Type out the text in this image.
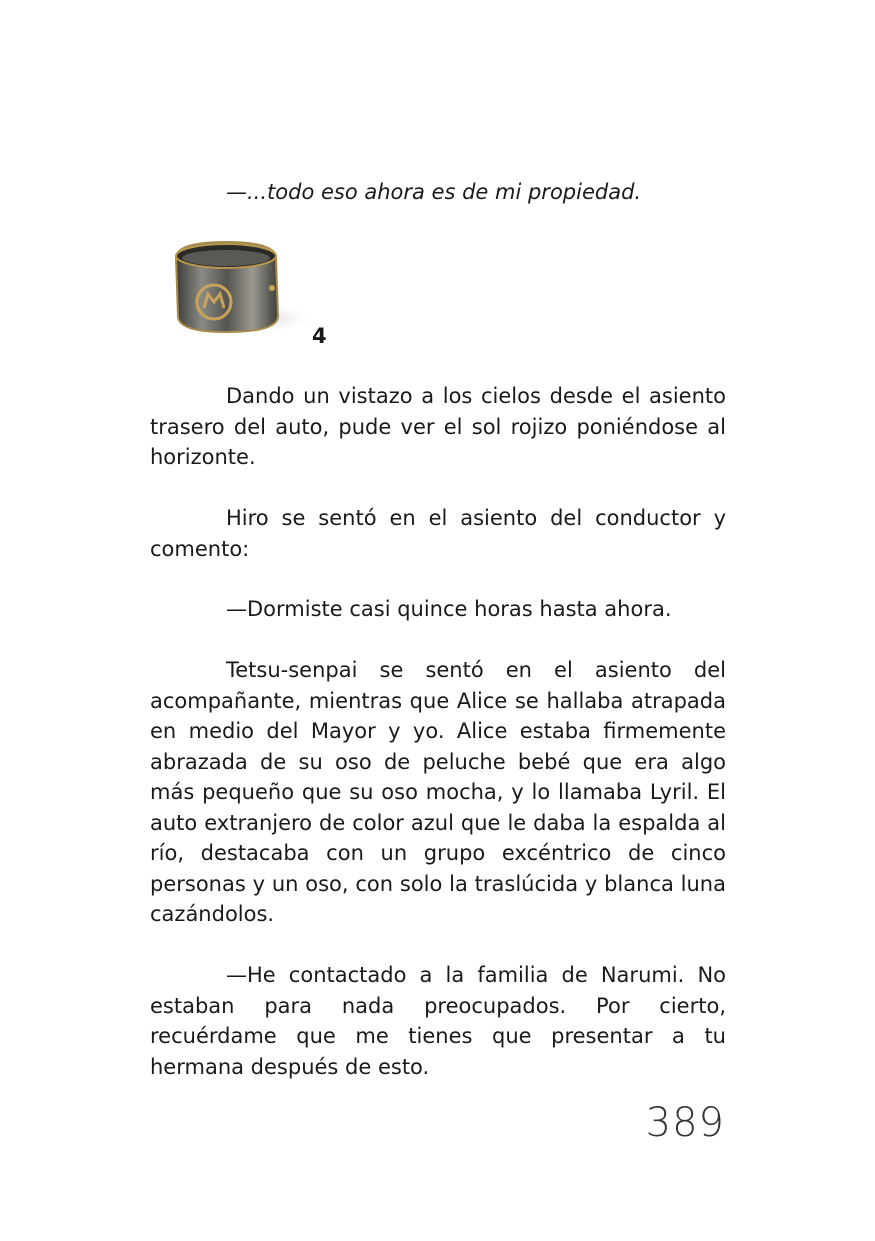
—...todo eso ahora es de mi propiedad.

4

Dando un vistazo a los cielos desde el asiento trasero del auto, pude ver el sol rojizo poniéndose al horizonte.

Hiro se sentó en el asiento del conductor y comento:

—Dormiste casi quince horas hasta ahora.

Tetsu-senpai se sentó en el asiento del acompañante, mientras que Alice se hallaba atrapada en medio del Mayor y yo. Alice estaba firmemente abrazada de su oso de peluche bebé que era algo más pequeño que su oso mocha, y lo llamaba Lyril. El auto extranjero de color azul que le daba la espalda al río, destacaba con un grupo excéntrico de cinco personas y un oso, con solo la traslúcida y blanca luna cazándolos.

—He contactado a la familia de Narumi. No estaban para nada preocupados. Por cierto, recuérdame que me tienes que presentar a tu hermana después de esto.

389
